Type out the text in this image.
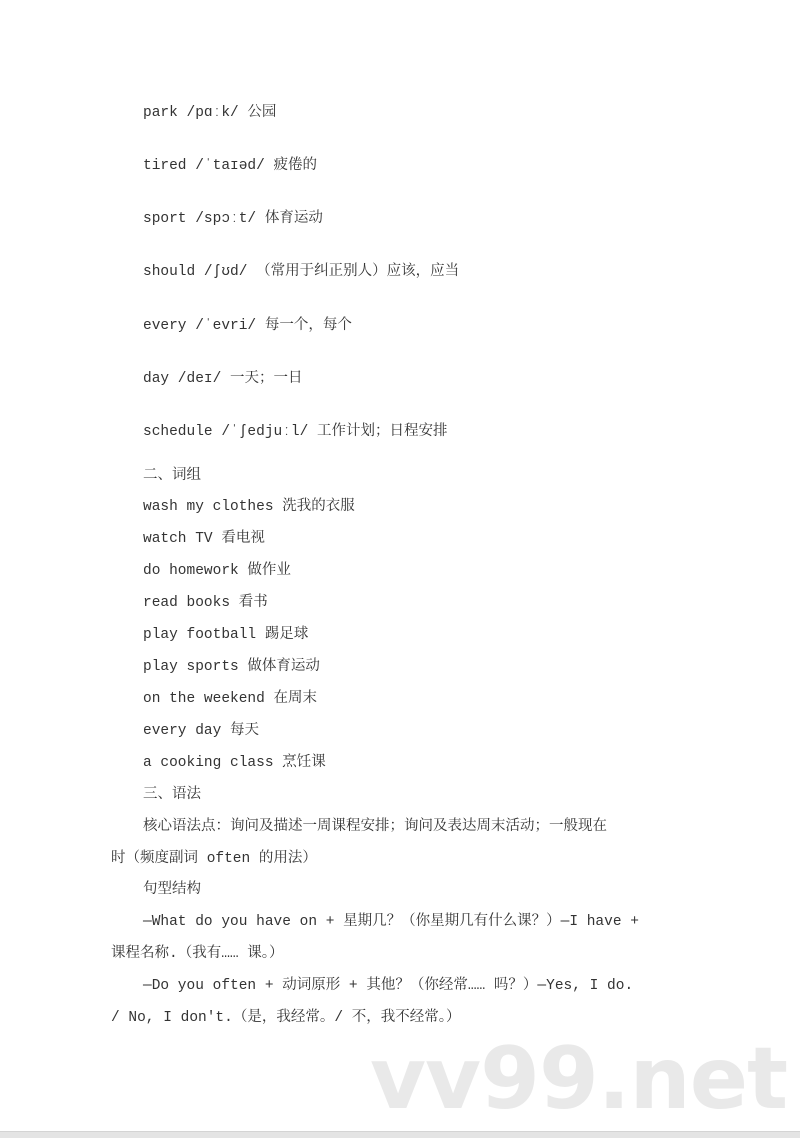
park /pɑːk/ 公园
tired /ˈtaɪəd/ 疲倦的
sport /spɔːt/ 体育运动
should /ʃʊd/ （常用于纠正别人）应该，应当
every /ˈevri/ 每一个，每个
day /deɪ/ 一天；一日
schedule /ˈʃedjuːl/ 工作计划；日程安排
二、词组
wash my clothes 洗我的衣服
watch TV 看电视
do homework 做作业
read books 看书
play football 踢足球
play sports 做体育运动
on the weekend 在周末
every day 每天
a cooking class 烹饪课
三、语法
核心语法点：询问及描述一周课程安排；询问及表达周末活动；一般现在
时（频度副词 often 的用法）
句型结构
—What do you have on + 星期几？（你星期几有什么课？）—I have +
课程名称.（我有…… 课。）
—Do you often + 动词原形 + 其他？（你经常…… 吗？）—Yes, I do.
/ No, I don't.（是，我经常。/ 不，我不经常。）
vv99.net
